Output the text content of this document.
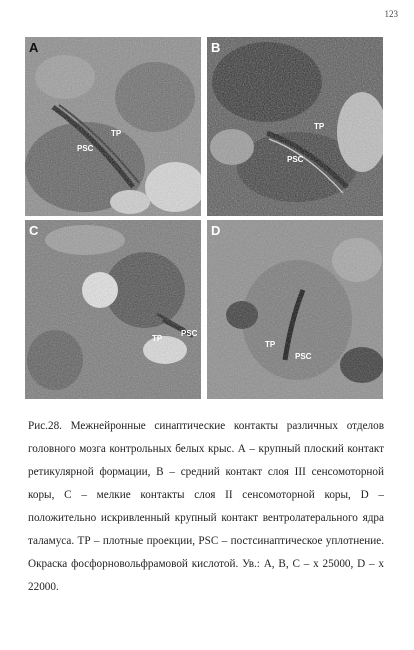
123
A
TP
PSC
B
TP
PSC
C
TP
PSC
D
TP
PSC

Рис.28. Межнейронные синаптические контакты различных отделов головного мозга контрольных белых крыс. А – крупный плоский контакт ретикулярной формации, В – средний контакт слоя III сенсомоторной коры, С – мелкие контакты слоя II сенсомоторной коры, D – положительно искривленный крупный контакт вентролатерального ядра таламуса. ТР – плотные проекции, PSC – постсинаптическое уплотнение. Окраска фосфорновольфрамовой кислотой. Ув.: А, В, С – х 25000, D – х 22000.
